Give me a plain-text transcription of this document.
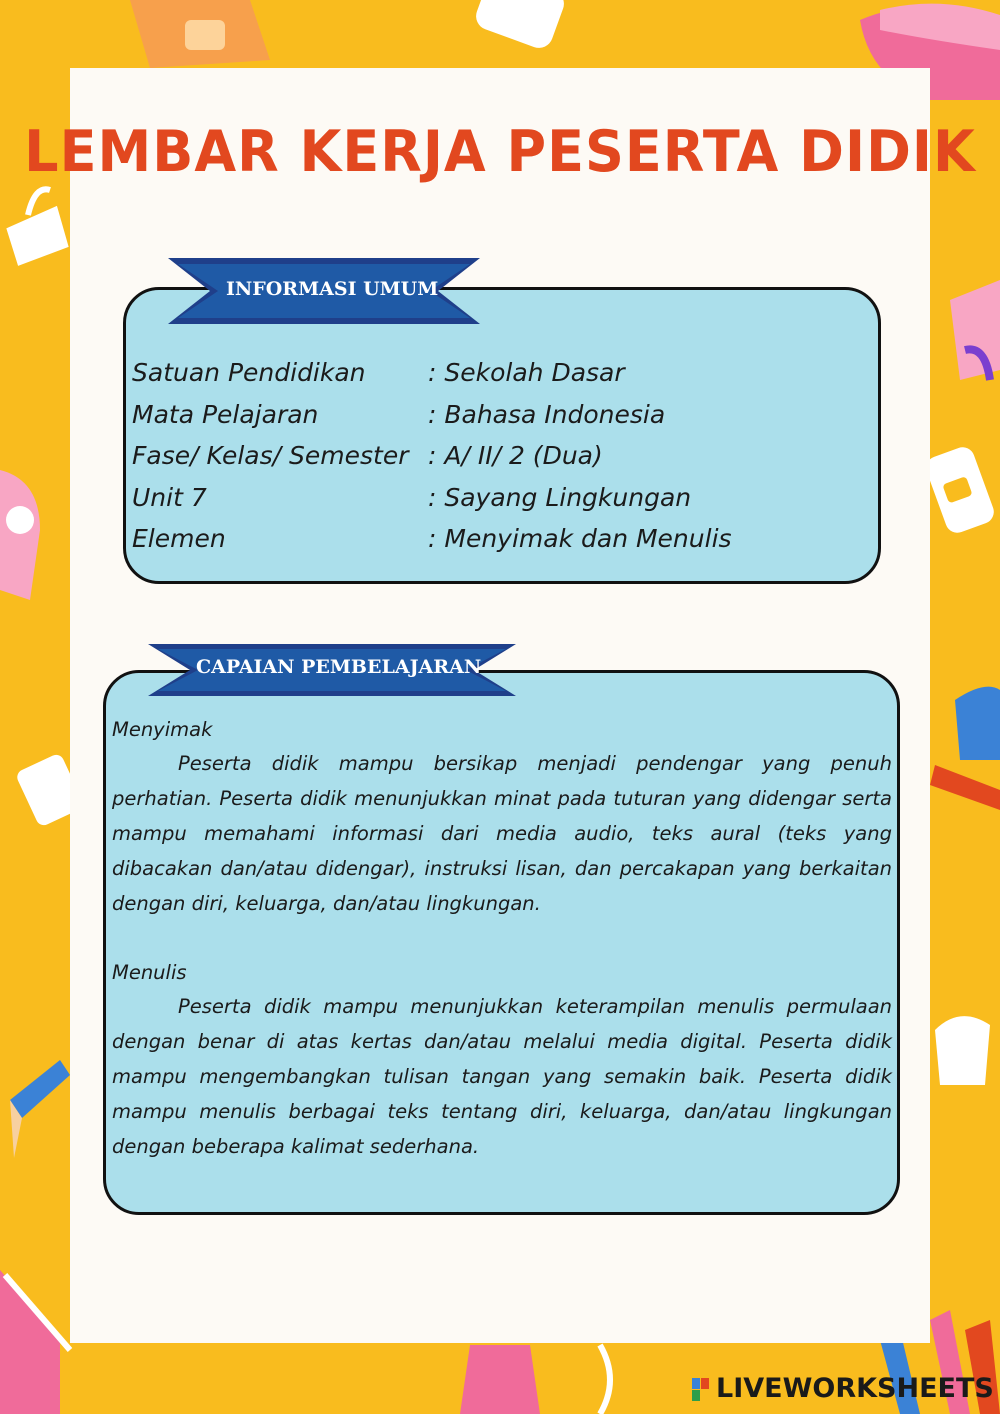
LEMBAR KERJA PESERTA DIDIK
INFORMASI UMUM
Satuan Pendidikan : Sekolah Dasar
Mata Pelajaran	: Bahasa Indonesia
Fase/ Kelas/ Semester : A/ II/ 2 (Dua)
Unit 7	: Sayang Lingkungan
Elemen	: Menyimak dan Menulis
CAPAIAN PEMBELAJARAN

Menyimak

Peserta didik mampu bersikap menjadi pendengar yang penuh perhatian. Peserta didik menunjukkan minat pada tuturan yang didengar serta mampu memahami informasi dari media audio, teks aural (teks yang dibacakan dan/atau didengar), instruksi lisan, dan percakapan yang berkaitan dengan diri, keluarga, dan/atau lingkungan.

Menulis

Peserta didik mampu menunjukkan keterampilan menulis permulaan dengan benar di atas kertas dan/atau melalui media digital. Peserta didik mampu mengembangkan tulisan tangan yang semakin baik. Peserta didik mampu menulis berbagai teks tentang diri, keluarga, dan/atau lingkungan dengan beberapa kalimat sederhana.

LIVEWORKSHEETS
